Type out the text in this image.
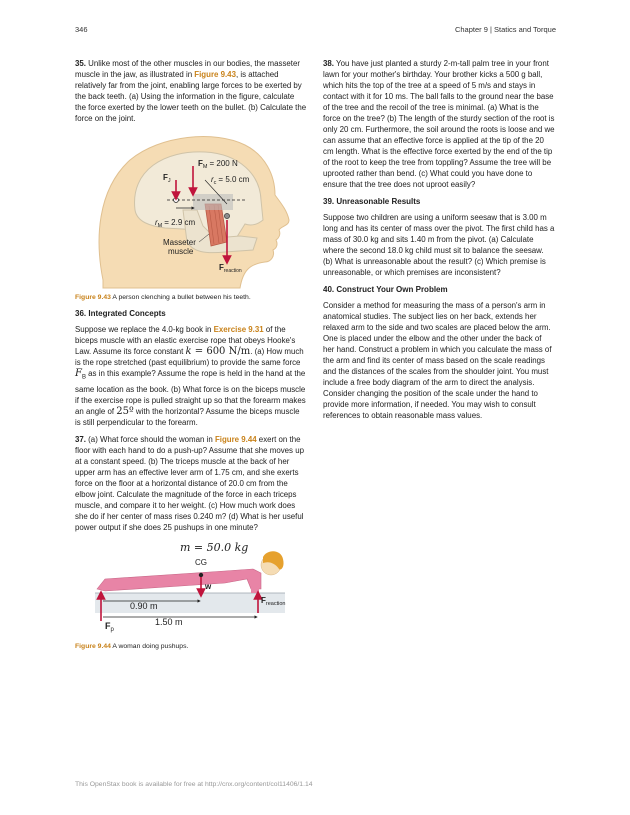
346	Chapter 9 | Statics and Torque

35. Unlike most of the other muscles in our bodies, the masseter muscle in the jaw, as illustrated in Figure 9.43, is attached relatively far from the joint, enabling large forces to be exerted by the back teeth. (a) Using the information in the figure, calculate the force exerted by the lower teeth on the bullet. (b) Calculate the force on the joint.

$F_M = 200$ N
$F_J$	$r_c = 5.0$ cm
$r_M = 2.9$ cm
Masseter
muscle
$F_{reaction}$
Figure 9.43 A person clenching a bullet between his teeth.
36. Integrated Concepts

Suppose we replace the 4.0-kg book in Exercise 9.31 of the biceps muscle with an elastic exercise rope that obeys Hooke's Law. Assume its force constant k = 600 N/m. (a) How much is the rope stretched (past equilibrium) to provide the same force $F_B$ as in this example? Assume the rope is held in the hand at the same location as the book. (b) What force is on the biceps muscle if the exercise rope is pulled straight up so that the forearm makes an angle of 25º with the horizontal? Assume the biceps muscle is still perpendicular to the forearm.

37. (a) What force should the woman in Figure 9.44 exert on the floor with each hand to do a push-up? Assume that she moves up at a constant speed. (b) The triceps muscle at the back of her upper arm has an effective lever arm of 1.75 cm, and she exerts force on the floor at a horizontal distance of 20.0 cm from the elbow joint. Calculate the magnitude of the force in each triceps muscle, and compare it to her weight. (c) How much work does she do if her center of mass rises 0.240 m? (d) What is her useful power output if she does 25 pushups in one minute?

m = 50.0 kg
CG
w
$F_{reaction}$
$F_p$
0.90 m
1.50 m
Figure 9.44 A woman doing pushups.

38. You have just planted a sturdy 2-m-tall palm tree in your front lawn for your mother's birthday. Your brother kicks a 500 g ball, which hits the top of the tree at a speed of 5 m/s and stays in contact with it for 10 ms. The ball falls to the ground near the base of the tree and the recoil of the tree is minimal. (a) What is the force on the tree? (b) The length of the sturdy section of the root is only 20 cm. Furthermore, the soil around the roots is loose and we can assume that an effective force is applied at the tip of the 20 cm length. What is the effective force exerted by the end of the tip of the root to keep the tree from toppling? Assume the tree will be uprooted rather than bend. (c) What could you have done to ensure that the tree does not uproot easily?

39. Unreasonable Results

Suppose two children are using a uniform seesaw that is 3.00 m long and has its center of mass over the pivot. The first child has a mass of 30.0 kg and sits 1.40 m from the pivot. (a) Calculate where the second 18.0 kg child must sit to balance the seesaw. (b) What is unreasonable about the result? (c) Which premise is unreasonable, or which premises are inconsistent?

40. Construct Your Own Problem

Consider a method for measuring the mass of a person's arm in anatomical studies. The subject lies on her back, extends her relaxed arm to the side and two scales are placed below the arm. One is placed under the elbow and the other under the back of her hand. Construct a problem in which you calculate the mass of the arm and find its center of mass based on the scale readings and the distances of the scales from the shoulder joint. You must include a free body diagram of the arm to direct the analysis. Consider changing the position of the scale under the hand to provide more information, if needed. You may wish to consult references to obtain reasonable mass values.

This OpenStax book is available for free at http://cnx.org/content/col11406/1.14
